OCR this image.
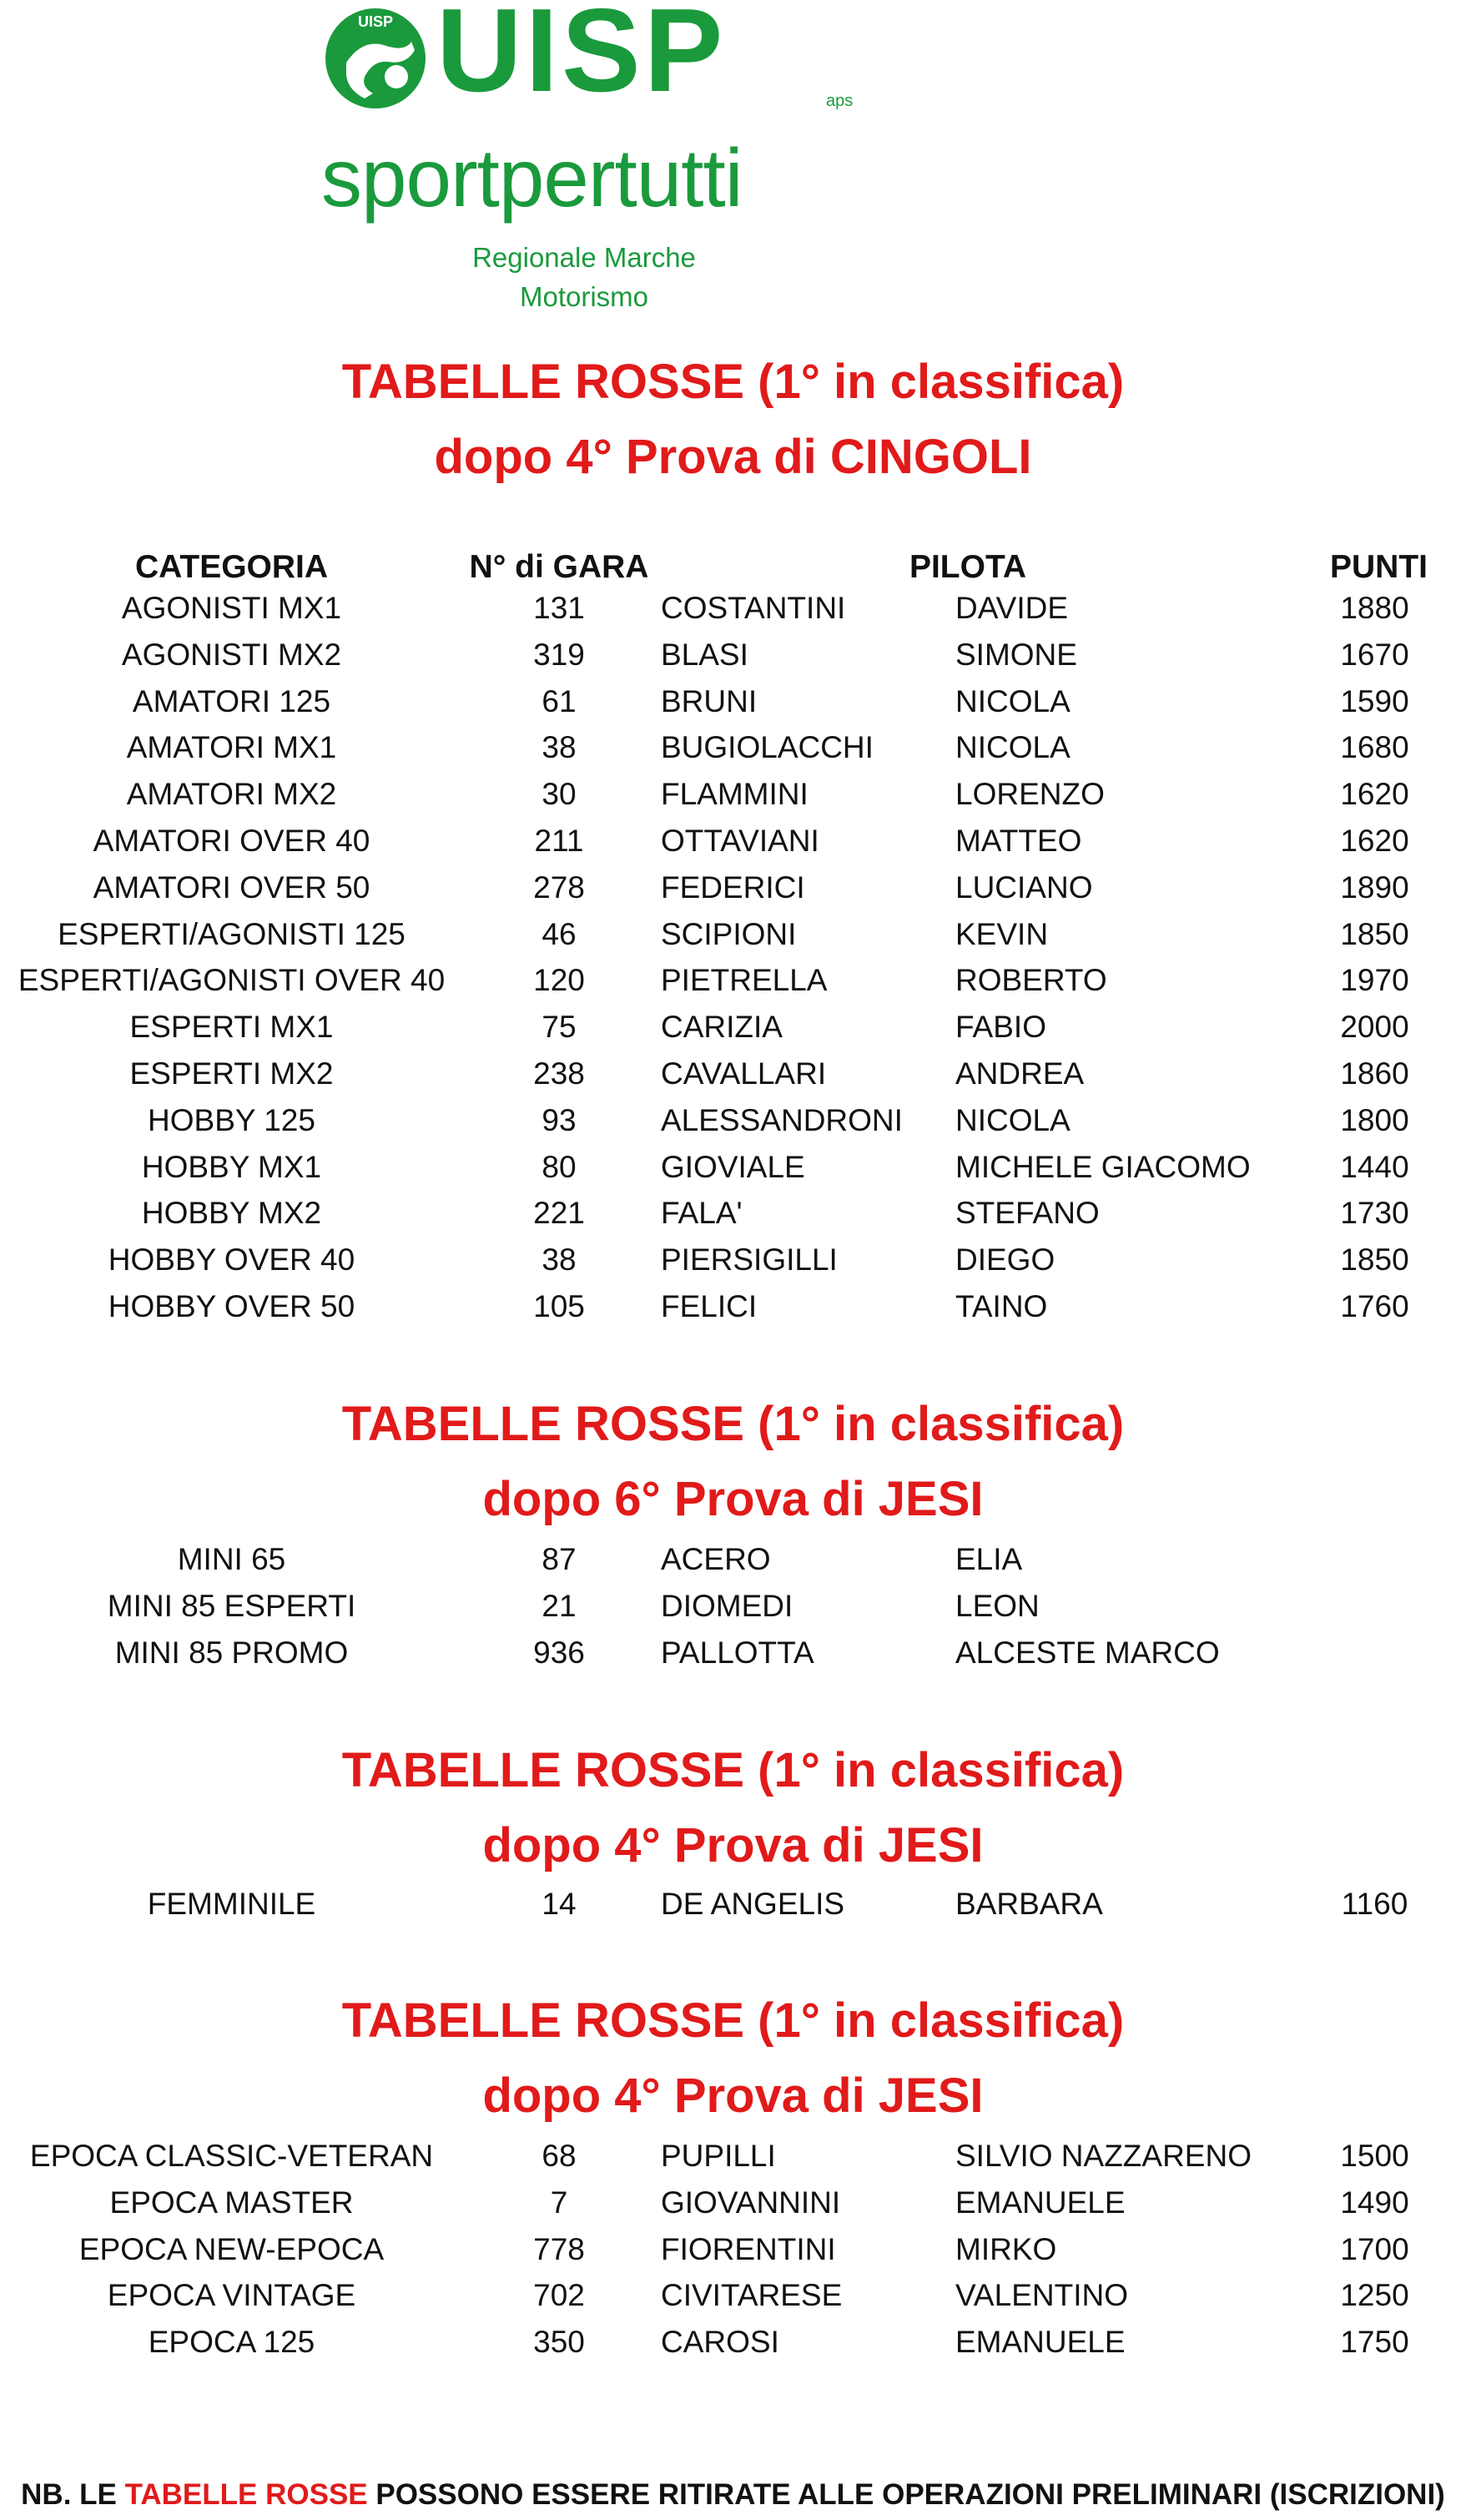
UISP UISP	aps
sportpertutti
Regionale Marche
Motorismo
TABELLE ROSSE (1° in classifica)
dopo 4° Prova di CINGOLI
CATEGORIA	N° di GARA	PILOTA	PUNTI
AGONISTI MX1	131	COSTANTINI	DAVIDE	1880
AGONISTI MX2	319	BLASI	SIMONE	1670
AMATORI 125	61	BRUNI	NICOLA	1590
AMATORI MX1	38	BUGIOLACCHI	NICOLA	1680
AMATORI MX2	30	FLAMMINI	LORENZO	1620
AMATORI OVER 40	211	OTTAVIANI	MATTEO	1620
AMATORI OVER 50	278	FEDERICI	LUCIANO	1890
ESPERTI/AGONISTI 125	46	SCIPIONI	KEVIN	1850
ESPERTI/AGONISTI OVER 40	120	PIETRELLA	ROBERTO	1970
ESPERTI MX1	75	CARIZIA	FABIO	2000
ESPERTI MX2	238	CAVALLARI	ANDREA	1860
HOBBY 125	93	ALESSANDRONI NICOLA	1800
HOBBY MX1	80	GIOVIALE	MICHELE GIACOMO	1440
HOBBY MX2	221	FALA'	STEFANO	1730
HOBBY OVER 40	38	PIERSIGILLI	DIEGO	1850
HOBBY OVER 50	105	FELICI	TAINO	1760
TABELLE ROSSE (1° in classifica)
dopo 6° Prova di JESI
MINI 65	87	ACERO	ELIA
MINI 85 ESPERTI	21	DIOMEDI	LEON
MINI 85 PROMO	936	PALLOTTA	ALCESTE MARCO
TABELLE ROSSE (1° in classifica)
dopo 4° Prova di JESI
FEMMINILE	14	DE ANGELIS	BARBARA	1160
TABELLE ROSSE (1° in classifica)
dopo 4° Prova di JESI
EPOCA CLASSIC-VETERAN	68	PUPILLI	SILVIO NAZZARENO	1500
EPOCA MASTER	7	GIOVANNINI	EMANUELE	1490
EPOCA NEW-EPOCA	778	FIORENTINI	MIRKO	1700
EPOCA VINTAGE	702	CIVITARESE	VALENTINO	1250
EPOCA 125	350	CAROSI	EMANUELE	1750
NB. LE TABELLE ROSSE POSSONO ESSERE RITIRATE ALLE OPERAZIONI PRELIMINARI (ISCRIZIONI)
